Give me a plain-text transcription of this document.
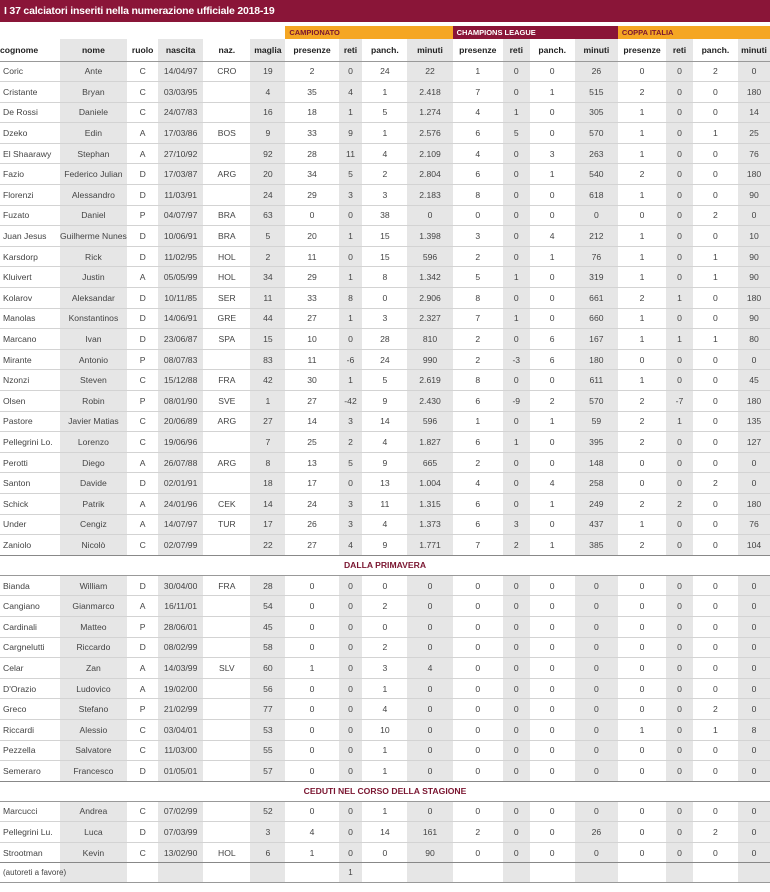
I 37 calciatori inseriti nella numerazione ufficiale 2018-19
						CAMPIONATO				CHAMPIONS LEAGUE				COPPA ITALIA			
cognome	nome	ruolo	nascita	naz.	maglia	presenze	reti	panch.	minuti	presenze	reti	panch.	minuti	presenze	reti	panch.	minuti
Coric	Ante	C	14/04/97	CRO	19	2	0	24	22	1	0	0	26	0	0	2	0
Cristante	Bryan	C	03/03/95		4	35	4	1	2.418	7	0	1	515	2	0	0	180
De Rossi	Daniele	C	24/07/83		16	18	1	5	1.274	4	1	0	305	1	0	0	14
Dzeko	Edin	A	17/03/86	BOS	9	33	9	1	2.576	6	5	0	570	1	0	1	25
El Shaarawy	Stephan	A	27/10/92		92	28	11	4	2.109	4	0	3	263	1	0	0	76
Fazio	Federico Julian	D	17/03/87	ARG	20	34	5	2	2.804	6	0	1	540	2	0	0	180
Florenzi	Alessandro	D	11/03/91		24	29	3	3	2.183	8	0	0	618	1	0	0	90
Fuzato	Daniel	P	04/07/97	BRA	63	0	0	38	0	0	0	0	0	0	0	2	0
Juan Jesus	Guilherme Nunes	D	10/06/91	BRA	5	20	1	15	1.398	3	0	4	212	1	0	0	10
Karsdorp	Rick	D	11/02/95	HOL	2	11	0	15	596	2	0	1	76	1	0	1	90
Kluivert	Justin	A	05/05/99	HOL	34	29	1	8	1.342	5	1	0	319	1	0	1	90
Kolarov	Aleksandar	D	10/11/85	SER	11	33	8	0	2.906	8	0	0	661	2	1	0	180
Manolas	Konstantinos	D	14/06/91	GRE	44	27	1	3	2.327	7	1	0	660	1	0	0	90
Marcano	Ivan	D	23/06/87	SPA	15	10	0	28	810	2	0	6	167	1	1	1	80
Mirante	Antonio	P	08/07/83		83	11	-6	24	990	2	-3	6	180	0	0	0	0
Nzonzi	Steven	C	15/12/88	FRA	42	30	1	5	2.619	8	0	0	611	1	0	0	45
Olsen	Robin	P	08/01/90	SVE	1	27	-42	9	2.430	6	-9	2	570	2	-7	0	180
Pastore	Javier Matias	C	20/06/89	ARG	27	14	3	14	596	1	0	1	59	2	1	0	135
Pellegrini Lo.	Lorenzo	C	19/06/96		7	25	2	4	1.827	6	1	0	395	2	0	0	127
Perotti	Diego	A	26/07/88	ARG	8	13	5	9	665	2	0	0	148	0	0	0	0
Santon	Davide	D	02/01/91		18	17	0	13	1.004	4	0	4	258	0	0	2	0
Schick	Patrik	A	24/01/96	CEK	14	24	3	11	1.315	6	0	1	249	2	2	0	180
Under	Cengiz	A	14/07/97	TUR	17	26	3	4	1.373	6	3	0	437	1	0	0	76
Zaniolo	Nicolò	C	02/07/99		22	27	4	9	1.771	7	2	1	385	2	0	0	104
DALLA PRIMAVERA																	
Bianda	William	D	30/04/00	FRA	28	0	0	0	0	0	0	0	0	0	0	0	0
Cangiano	Gianmarco	A	16/11/01		54	0	0	2	0	0	0	0	0	0	0	0	0
Cardinali	Matteo	P	28/06/01		45	0	0	0	0	0	0	0	0	0	0	0	0
Cargnelutti	Riccardo	D	08/02/99		58	0	0	2	0	0	0	0	0	0	0	0	0
Celar	Zan	A	14/03/99	SLV	60	1	0	3	4	0	0	0	0	0	0	0	0
D'Orazio	Ludovico	A	19/02/00		56	0	0	1	0	0	0	0	0	0	0	0	0
Greco	Stefano	P	21/02/99		77	0	0	4	0	0	0	0	0	0	0	2	0
Riccardi	Alessio	C	03/04/01		53	0	0	10	0	0	0	0	0	1	0	1	8
Pezzella	Salvatore	C	11/03/00		55	0	0	1	0	0	0	0	0	0	0	0	0
Semeraro	Francesco	D	01/05/01		57	0	0	1	0	0	0	0	0	0	0	0	0
CEDUTI NEL CORSO DELLA STAGIONE																	
Marcucci	Andrea	C	07/02/99		52	0	0	1	0	0	0	0	0	0	0	0	0
Pellegrini Lu.	Luca	D	07/03/99		3	4	0	14	161	2	0	0	26	0	0	2	0
Strootman	Kevin	C	13/02/90	HOL	6	1	0	0	90	0	0	0	0	0	0	0	0
(autoreti a favore)							1										
